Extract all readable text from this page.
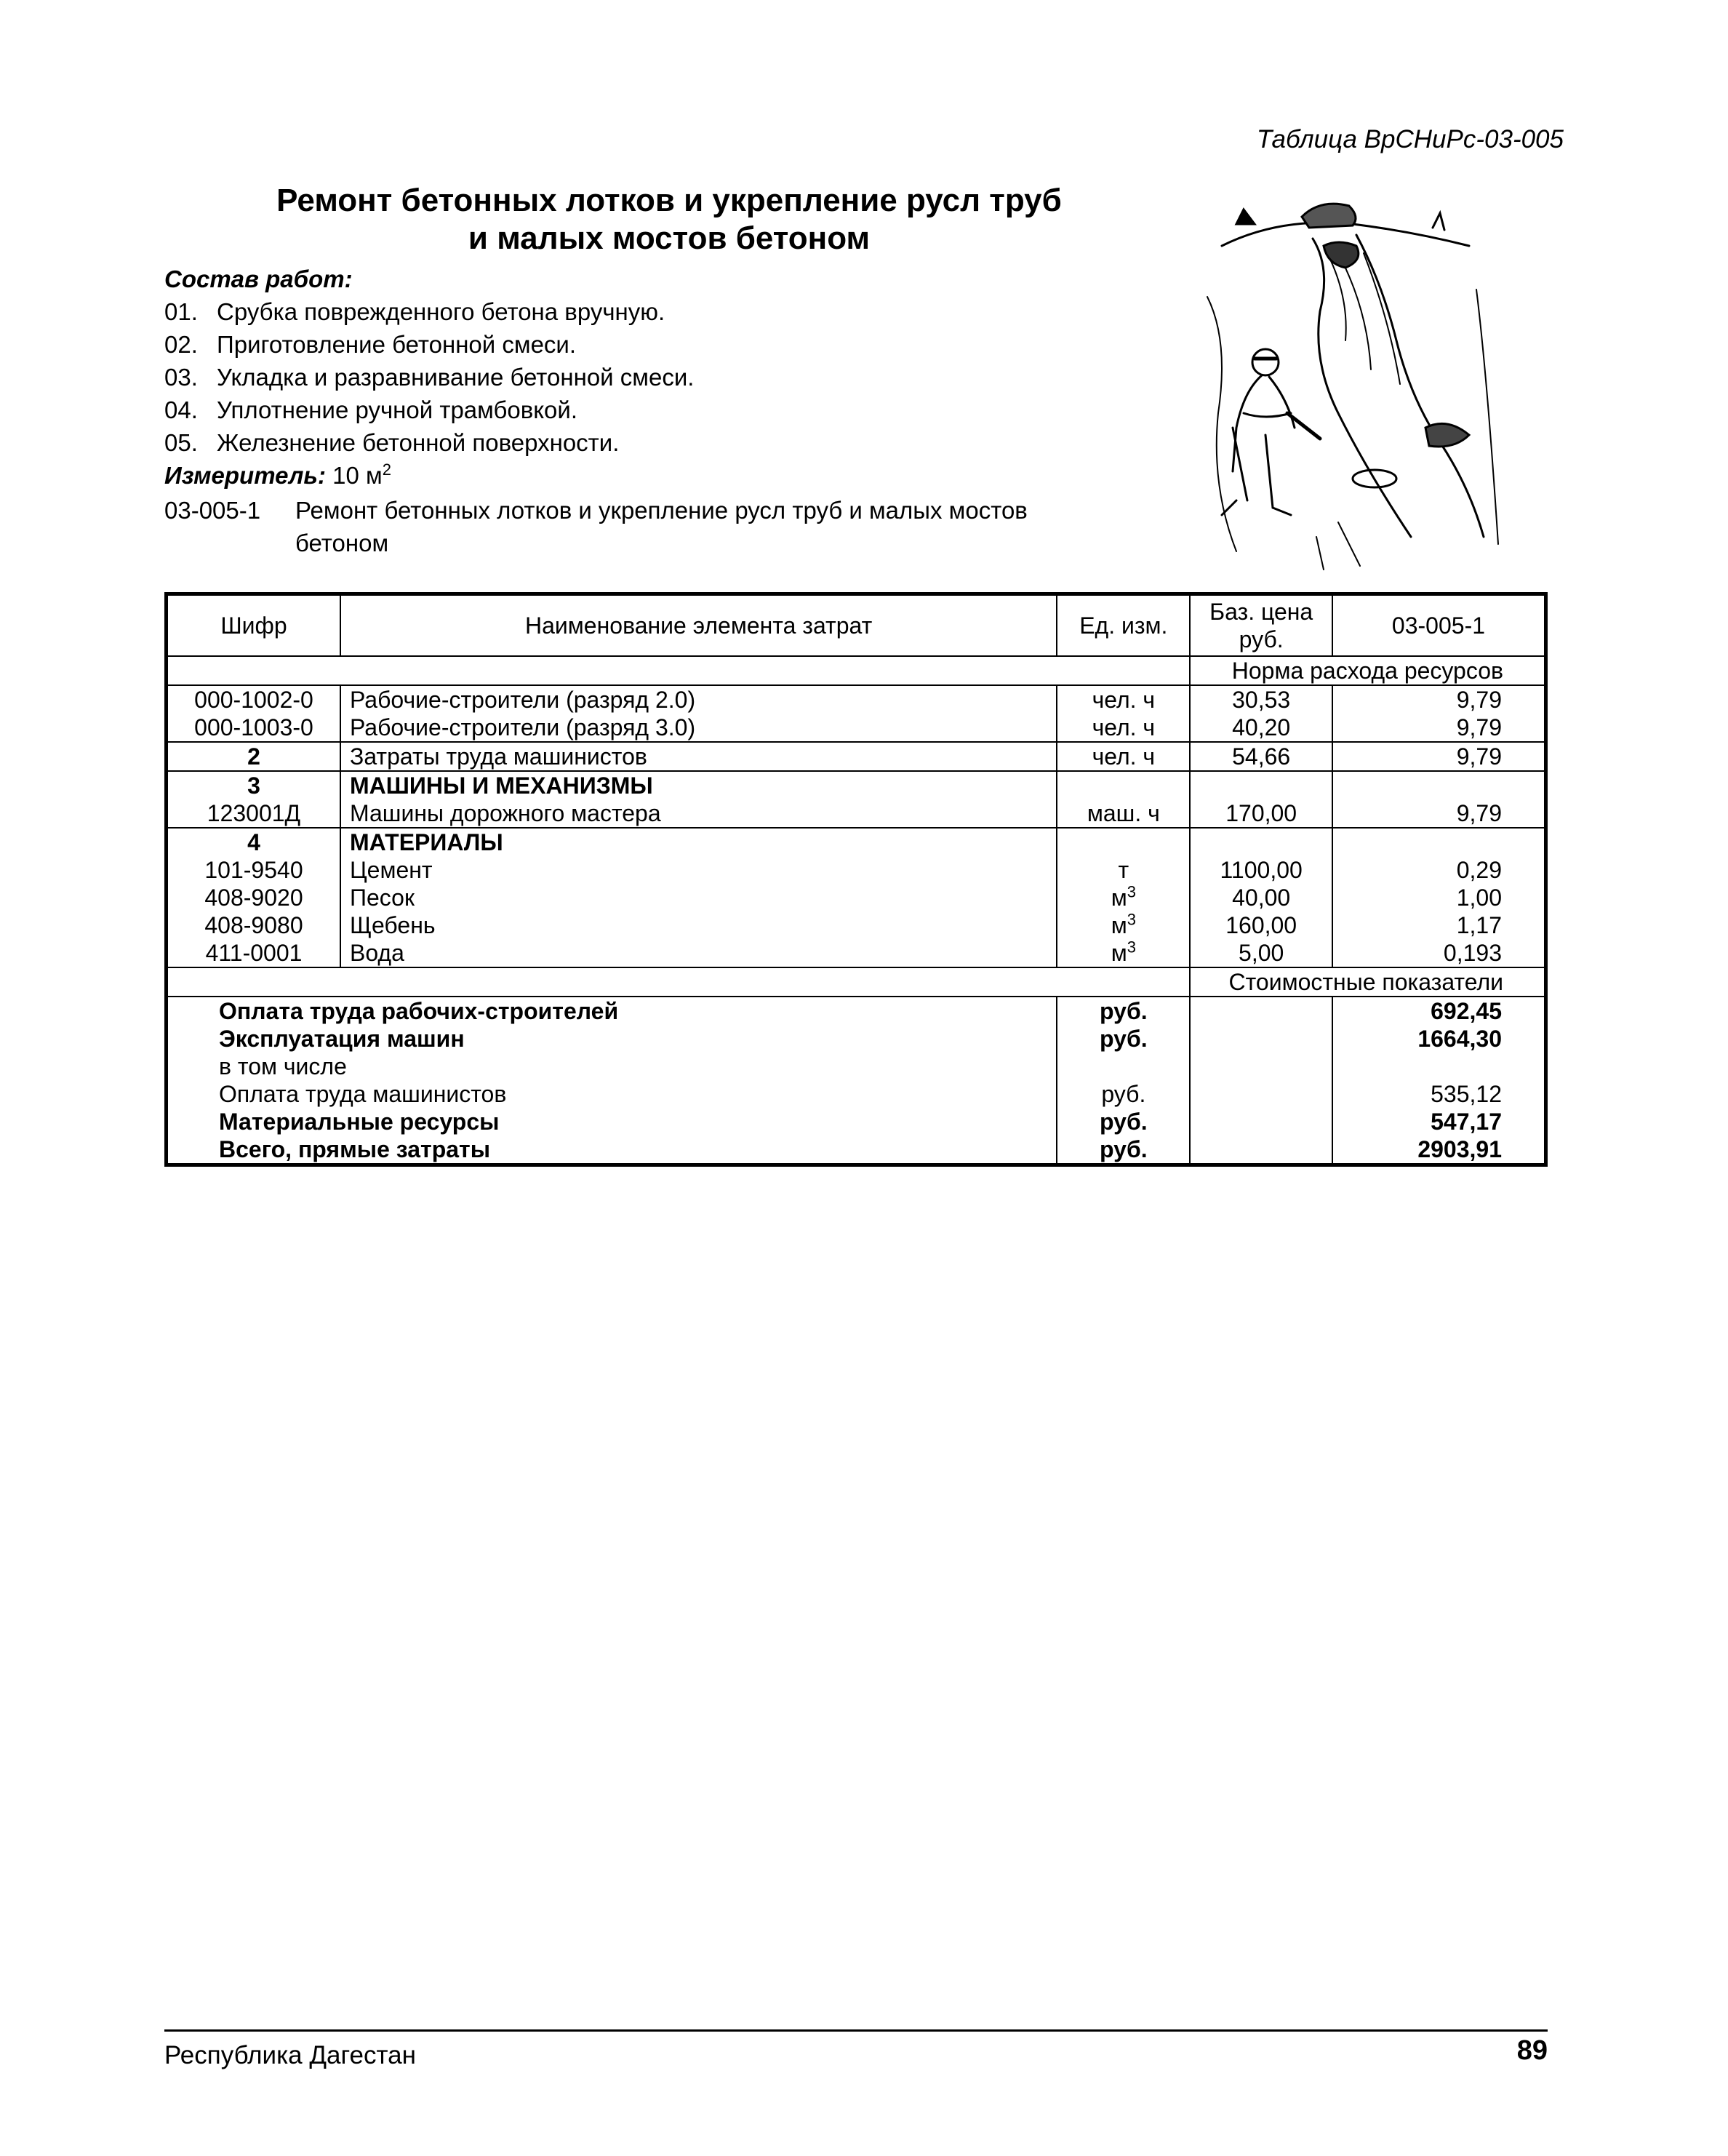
Таблица ВрСНиРс-03-005
Ремонт бетонных лотков и укрепление русл труб
и малых мостов бетоном
Состав работ:
01. Срубка поврежденного бетона вручную.
02. Приготовление бетонной смеси.
03. Укладка и разравнивание бетонной смеси.
04. Уплотнение ручной трамбовкой.
05. Железнение бетонной поверхности.
Измеритель: 10 $м^2$
03-005-1	Ремонт бетонных лотков и укрепление русл труб и малых мостов бетоном
Шифр	Наименование элемента затрат	Ед. изм.	Баз. цена руб.	03-005-1
			Норма расхода ресурсов	
000-1002-0	Рабочие-строители (разряд 2.0)	чел. ч	30,53	9,79
000-1003-0	Рабочие-строители (разряд 3.0)	чел. ч	40,20	9,79
2	Затраты труда машинистов	чел. ч	54,66	9,79
3	МАШИНЫ И МЕХАНИЗМЫ			
123001Д	Машины дорожного мастера	маш. ч	170,00	9,79
4	МАТЕРИАЛЫ			
101-9540	Цемент	т	1100,00	0,29
408-9020	Песок	$м^3$	40,00	1,00
408-9080	Щебень	$м^3$	160,00	1,17
411-0001	Вода	$м^3$	5,00	0,193
			Стоимостные показатели	
Оплата труда рабочих-строителей		руб.		692,45
Эксплуатация машин		руб.		1664,30
в том числе				
Оплата труда машинистов		руб.		535,12
Материальные ресурсы		руб.		547,17
Всего, прямые затраты		руб.		2903,91
Республика Дагестан	89
